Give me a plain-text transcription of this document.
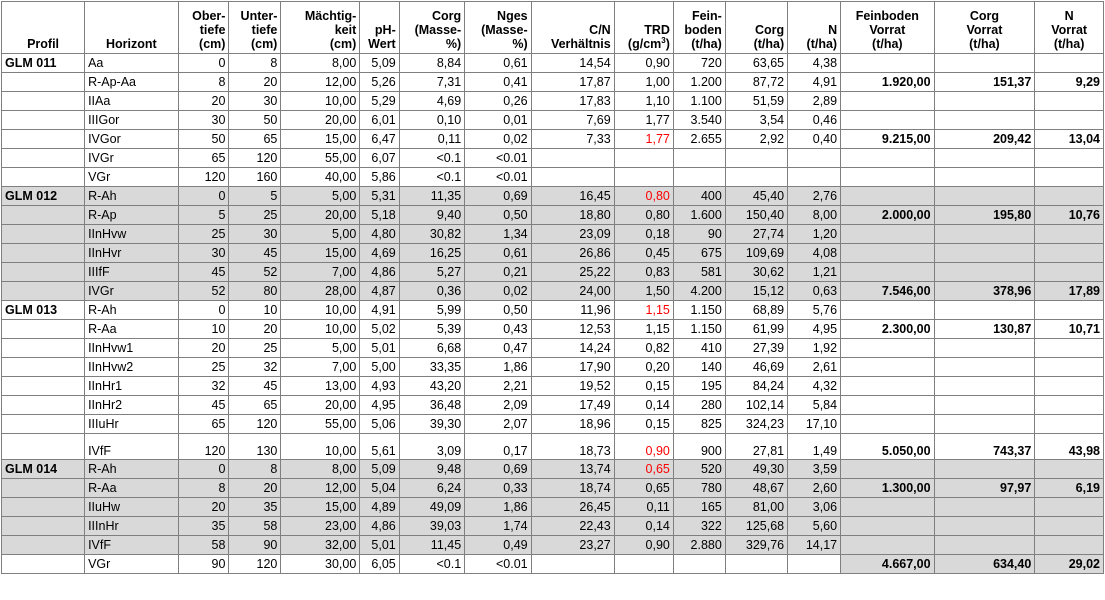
Profil	Horizont	Ober-
tiefe
(cm)	Unter-
tiefe
(cm)	Mächtig-
keit
(cm)	pH-
Wert	Corg
(Masse-
%)	Nges
(Masse-
%)	C/N
Verhältnis	TRD
$(g/cm^3)$	Fein-
boden
(t/ha)	Corg
(t/ha)	N
(t/ha)	Feinboden
Vorrat
(t/ha)	Corg
Vorrat
(t/ha)	N
Vorrat
(t/ha)
GLM 011	Aa	0	8	8,00	5,09	8,84	0,61	14,54	0,90	720	63,65	4,38			
	R-Ap-Aa	8	20	12,00	5,26	7,31	0,41	17,87	1,00	1.200	87,72	4,91	1.920,00	151,37	9,29
	IIAa	20	30	10,00	5,29	4,69	0,26	17,83	1,10	1.100	51,59	2,89			
	IIIGor	30	50	20,00	6,01	0,10	0,01	7,69	1,77	3.540	3,54	0,46			
	IVGor	50	65	15,00	6,47	0,11	0,02	7,33	1,77	2.655	2,92	0,40	9.215,00	209,42	13,04
	IVGr	65	120	55,00	6,07	<0.1	<0.01								
	VGr	120	160	40,00	5,86	<0.1	<0.01								
GLM 012	R-Ah	0	5	5,00	5,31	11,35	0,69	16,45	0,80	400	45,40	2,76			
	R-Ap	5	25	20,00	5,18	9,40	0,50	18,80	0,80	1.600	150,40	8,00	2.000,00	195,80	10,76
	IInHvw	25	30	5,00	4,80	30,82	1,34	23,09	0,18	90	27,74	1,20			
	IInHvr	30	45	15,00	4,69	16,25	0,61	26,86	0,45	675	109,69	4,08			
	IIIfF	45	52	7,00	4,86	5,27	0,21	25,22	0,83	581	30,62	1,21			
	IVGr	52	80	28,00	4,87	0,36	0,02	24,00	1,50	4.200	15,12	0,63	7.546,00	378,96	17,89
GLM 013	R-Ah	0	10	10,00	4,91	5,99	0,50	11,96	1,15	1.150	68,89	5,76			
	R-Aa	10	20	10,00	5,02	5,39	0,43	12,53	1,15	1.150	61,99	4,95	2.300,00	130,87	10,71
	IInHvw1	20	25	5,00	5,01	6,68	0,47	14,24	0,82	410	27,39	1,92			
	IInHvw2	25	32	7,00	5,00	33,35	1,86	17,90	0,20	140	46,69	2,61			
	IInHr1	32	45	13,00	4,93	43,20	2,21	19,52	0,15	195	84,24	4,32			
	IInHr2	45	65	20,00	4,95	36,48	2,09	17,49	0,14	280	102,14	5,84			
	IIIuHr	65	120	55,00	5,06	39,30	2,07	18,96	0,15	825	324,23	17,10			
	IVfF	120	130	10,00	5,61	3,09	0,17	18,73	0,90	900	27,81	1,49	5.050,00	743,37	43,98
GLM 014	R-Ah	0	8	8,00	5,09	9,48	0,69	13,74	0,65	520	49,30	3,59			
	R-Aa	8	20	12,00	5,04	6,24	0,33	18,74	0,65	780	48,67	2,60	1.300,00	97,97	6,19
	IIuHw	20	35	15,00	4,89	49,09	1,86	26,45	0,11	165	81,00	3,06			
	IIInHr	35	58	23,00	4,86	39,03	1,74	22,43	0,14	322	125,68	5,60			
	IVfF	58	90	32,00	5,01	11,45	0,49	23,27	0,90	2.880	329,76	14,17			
	VGr	90	120	30,00	6,05	<0.1	<0.01						4.667,00	634,40	29,02
